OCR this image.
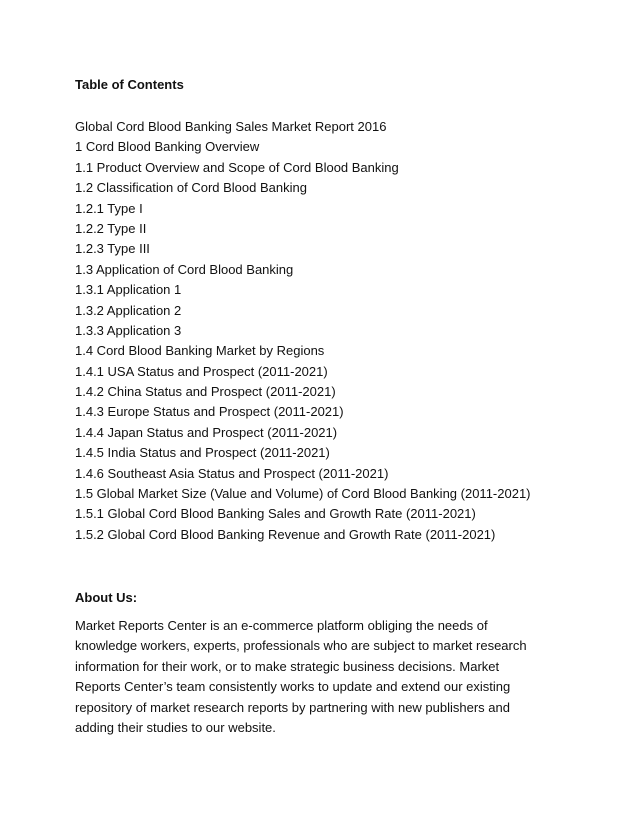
Table of Contents
Global Cord Blood Banking Sales Market Report 2016
1 Cord Blood Banking Overview
1.1 Product Overview and Scope of Cord Blood Banking
1.2 Classification of Cord Blood Banking
1.2.1 Type I
1.2.2 Type II
1.2.3 Type III
1.3 Application of Cord Blood Banking
1.3.1 Application 1
1.3.2 Application 2
1.3.3 Application 3
1.4 Cord Blood Banking Market by Regions
1.4.1 USA Status and Prospect (2011-2021)
1.4.2 China Status and Prospect (2011-2021)
1.4.3 Europe Status and Prospect (2011-2021)
1.4.4 Japan Status and Prospect (2011-2021)
1.4.5 India Status and Prospect (2011-2021)
1.4.6 Southeast Asia Status and Prospect (2011-2021)
1.5 Global Market Size (Value and Volume) of Cord Blood Banking (2011-2021)
1.5.1 Global Cord Blood Banking Sales and Growth Rate (2011-2021)
1.5.2 Global Cord Blood Banking Revenue and Growth Rate (2011-2021)
About Us:
Market Reports Center is an e-commerce platform obliging the needs of
knowledge workers, experts, professionals who are subject to market research
information for their work, or to make strategic business decisions. Market
Reports Center’s team consistently works to update and extend our existing
repository of market research reports by partnering with new publishers and
adding their studies to our website.
